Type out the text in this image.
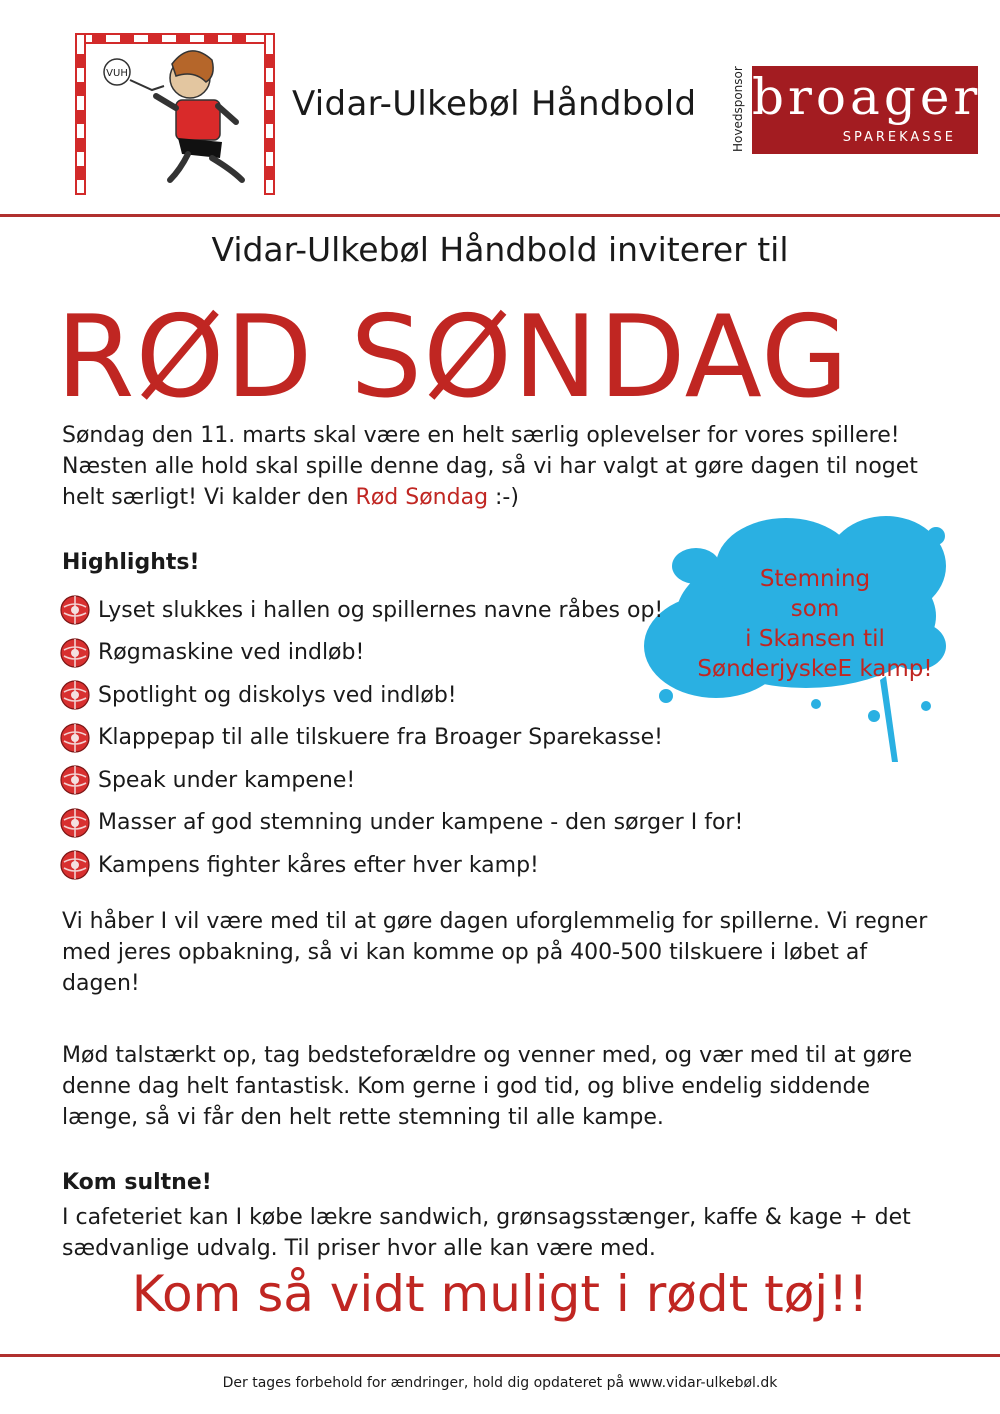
VUH
Vidar-Ulkebøl Håndbold	Hovedsponsor broager
SPAREKASSE
Vidar-Ulkebøl Håndbold inviterer til
RØD SØNDAG

Søndag den 11. marts skal være en helt særlig oplevelser for vores spillere! Næsten alle hold skal spille denne dag, så vi har valgt at gøre dagen til noget helt særligt! Vi kalder den Rød Søndag :-)

Stemning
som
i Skansen til
SønderjyskeE kamp!
Highlights!
Lyset slukkes i hallen og spillernes navne råbes op!
Røgmaskine ved indløb!
Spotlight og diskolys ved indløb!
Klappepap til alle tilskuere fra Broager Sparekasse!
Speak under kampene!
Masser af god stemning under kampene - den sørger I for!
Kampens fighter kåres efter hver kamp!

Vi håber I vil være med til at gøre dagen uforglemmelig for spillerne. Vi regner med jeres opbakning, så vi kan komme op på 400-500 tilskuere i løbet af dagen!

Mød talstærkt op, tag bedsteforældre og venner med, og vær med til at gøre denne dag helt fantastisk. Kom gerne i god tid, og blive endelig siddende længe, så vi får den helt rette stemning til alle kampe.

Kom sultne!

I cafeteriet kan I købe lækre sandwich, grønsagsstænger, kaffe & kage + det sædvanlige udvalg. Til priser hvor alle kan være med.

Kom så vidt muligt i rødt tøj!!
Der tages forbehold for ændringer, hold dig opdateret på www.vidar-ulkebøl.dk
